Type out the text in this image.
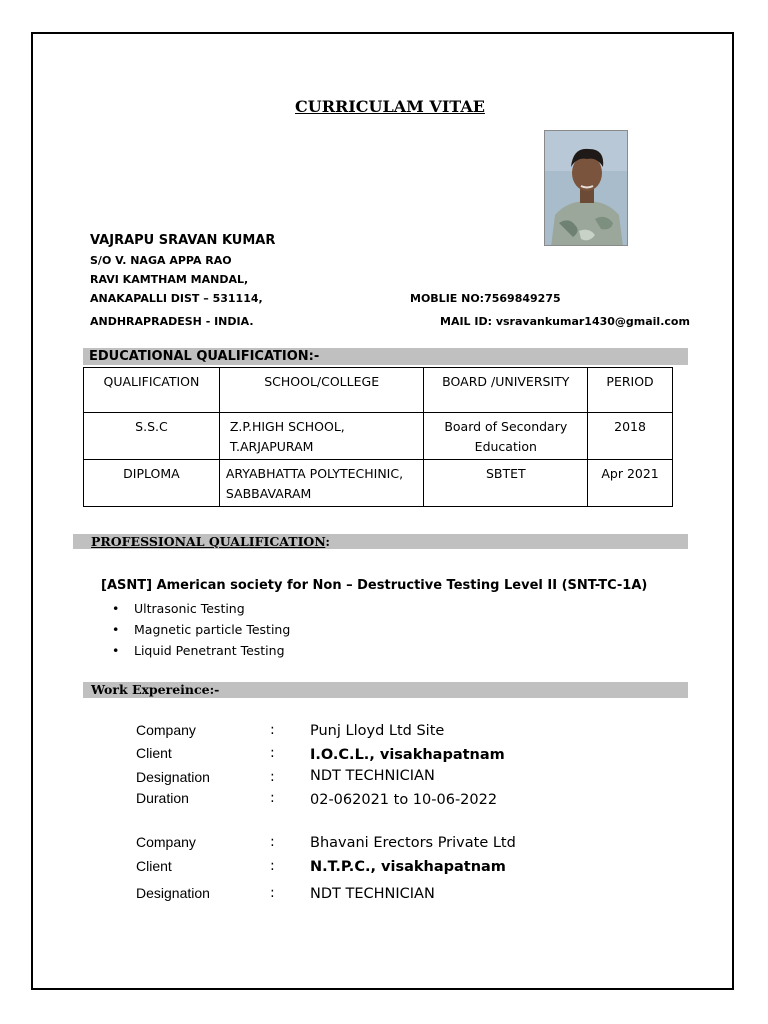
CURRICULAM VITAE
VAJRAPU SRAVAN KUMAR
S/O V. NAGA APPA RAO
RAVI KAMTHAM MANDAL,
ANAKAPALLI DIST – 531114,
ANDHRAPRADESH - INDIA.
MOBLIE NO:7569849275
MAIL ID: vsravankumar1430@gmail.com
EDUCATIONAL QUALIFICATION:-
QUALIFICATION	SCHOOL/COLLEGE	BOARD /UNIVERSITY	PERIOD
S.S.C	Z.P.HIGH SCHOOL, T.ARJAPURAM	Board of Secondary Education	2018
DIPLOMA	ARYABHATTA POLYTECHINIC, SABBAVARAM	SBTET	Apr 2021
PROFESSIONAL QUALIFICATION:
[ASNT] American society for Non – Destructive Testing Level II (SNT-TC-1A)
• Ultrasonic Testing
• Magnetic particle Testing
• Liquid Penetrant Testing
Work Expereince:-
Company	: Punj Lloyd Ltd Site
Client	: I.O.C.L., visakhapatnam
Designation	: NDT TECHNICIAN
Duration	: 02-062021 to 10-06-2022
Company	: Bhavani Erectors Private Ltd
Client	: N.T.P.C., visakhapatnam
Designation	: NDT TECHNICIAN
